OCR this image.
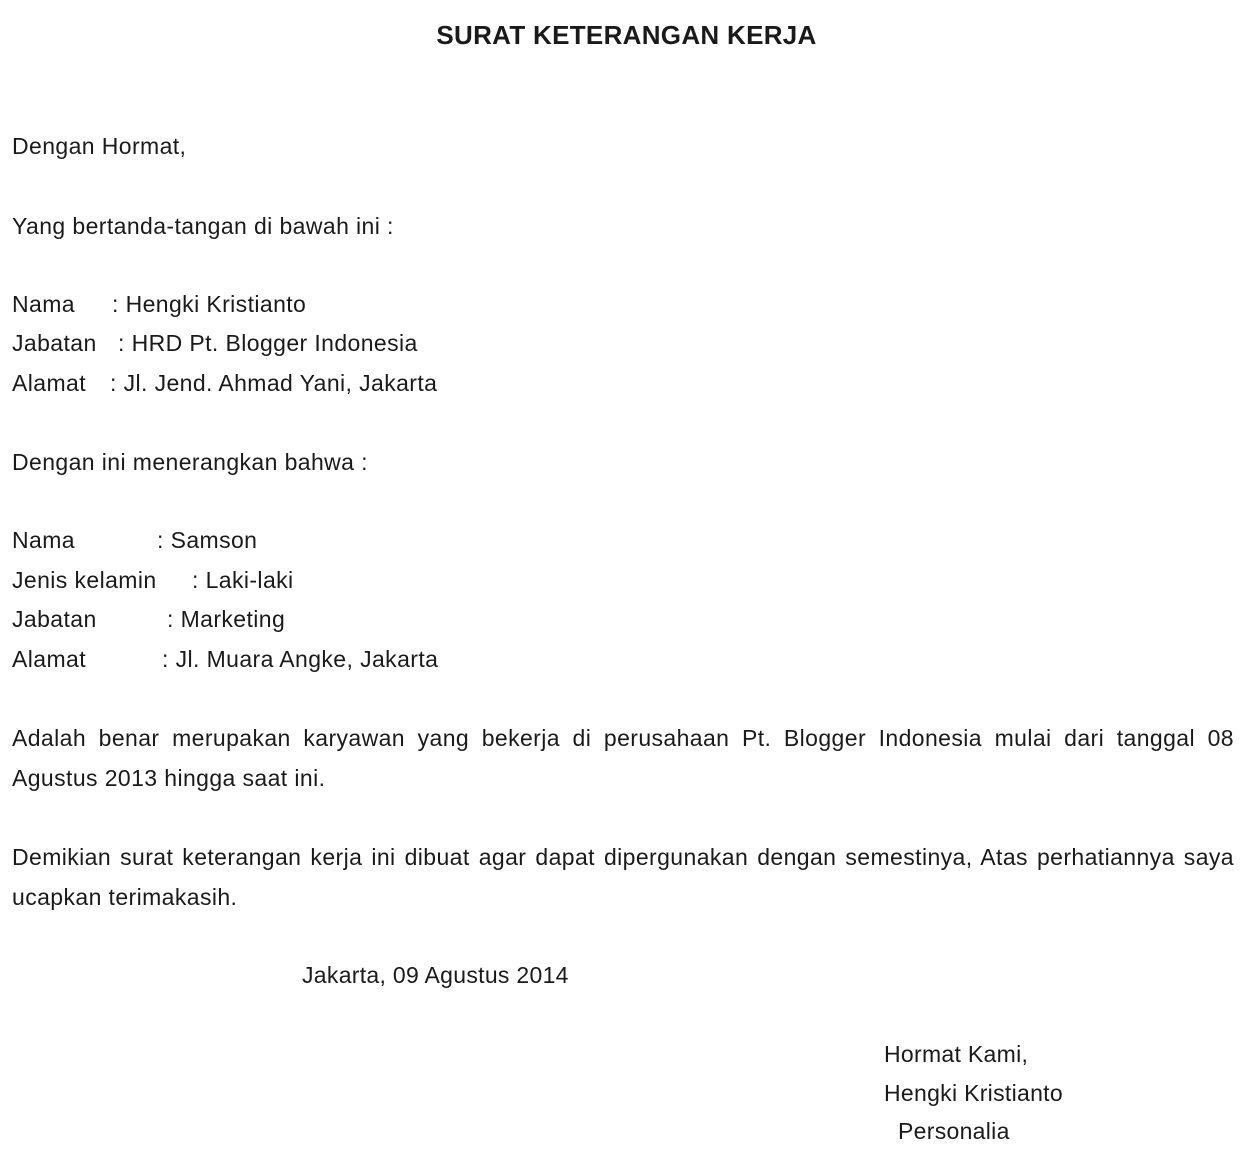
SURAT KETERANGAN KERJA
Dengan Hormat,
Yang bertanda-tangan di bawah ini :
Nama : Hengki Kristianto
Jabatan : HRD Pt. Blogger Indonesia
Alamat : Jl. Jend. Ahmad Yani, Jakarta
Dengan ini menerangkan bahwa :
Nama	: Samson
Jenis kelamin : Laki-laki
Jabatan	: Marketing
Alamat	: Jl. Muara Angke, Jakarta
Adalah benar merupakan karyawan yang bekerja di perusahaan Pt. Blogger Indonesia mulai dari tanggal 08 Agustus 2013 hingga saat ini.
Demikian surat keterangan kerja ini dibuat agar dapat dipergunakan dengan semestinya, Atas perhatiannya saya ucapkan terimakasih.
Jakarta, 09 Agustus 2014
Hormat Kami,
Hengki Kristianto
Personalia
